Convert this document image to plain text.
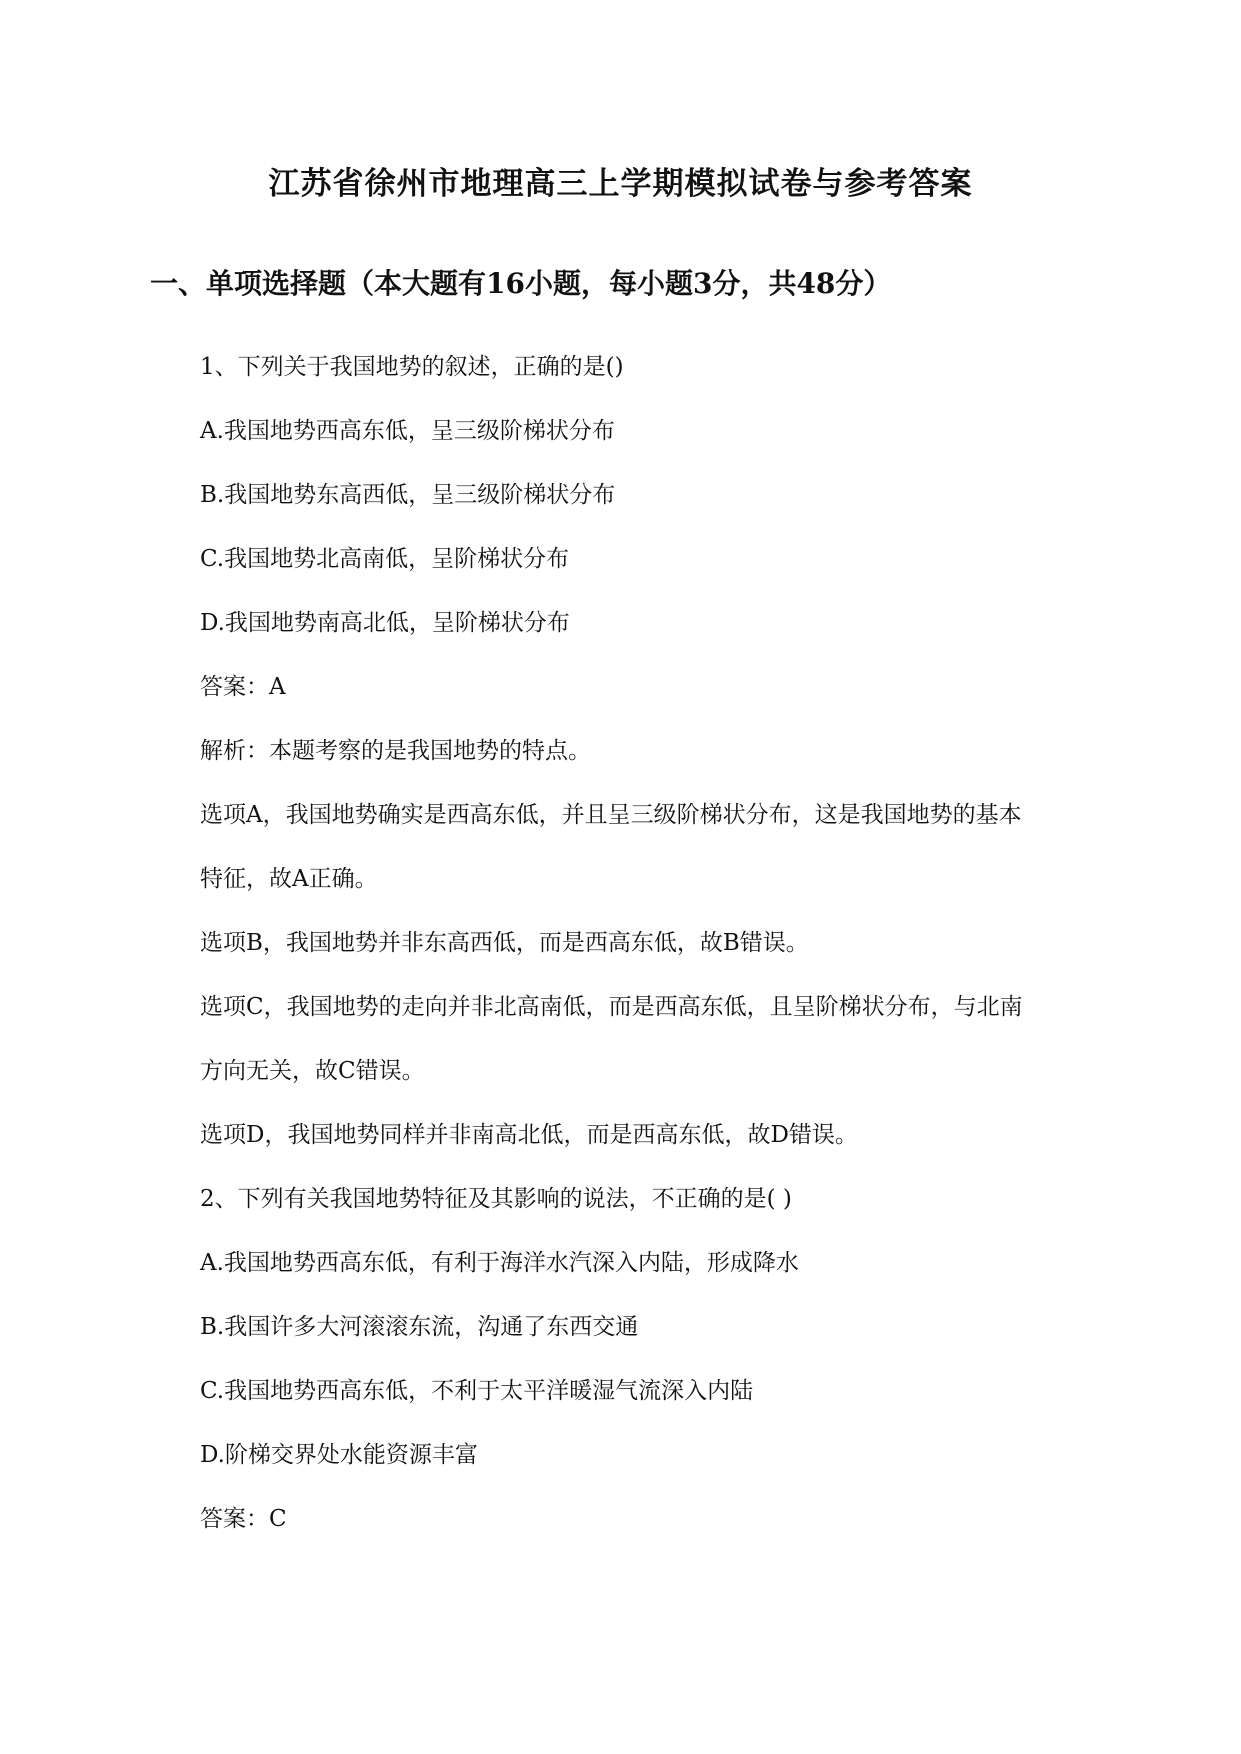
江苏省徐州市地理高三上学期模拟试卷与参考答案
一、单项选择题（本大题有16小题，每小题3分，共48分）

1、下列关于我国地势的叙述，正确的是()

A.我国地势西高东低，呈三级阶梯状分布

B.我国地势东高西低，呈三级阶梯状分布

C.我国地势北高南低，呈阶梯状分布

D.我国地势南高北低，呈阶梯状分布

答案：A

解析：本题考察的是我国地势的特点。

选项A，我国地势确实是西高东低，并且呈三级阶梯状分布，这是我国地势的基本

特征，故A正确。

选项B，我国地势并非东高西低，而是西高东低，故B错误。

选项C，我国地势的走向并非北高南低，而是西高东低，且呈阶梯状分布，与北南

方向无关，故C错误。

选项D，我国地势同样并非南高北低，而是西高东低，故D错误。

2、下列有关我国地势特征及其影响的说法，不正确的是( )

A.我国地势西高东低，有利于海洋水汽深入内陆，形成降水

B.我国许多大河滚滚东流，沟通了东西交通

C.我国地势西高东低，不利于太平洋暖湿气流深入内陆

D.阶梯交界处水能资源丰富

答案：C
